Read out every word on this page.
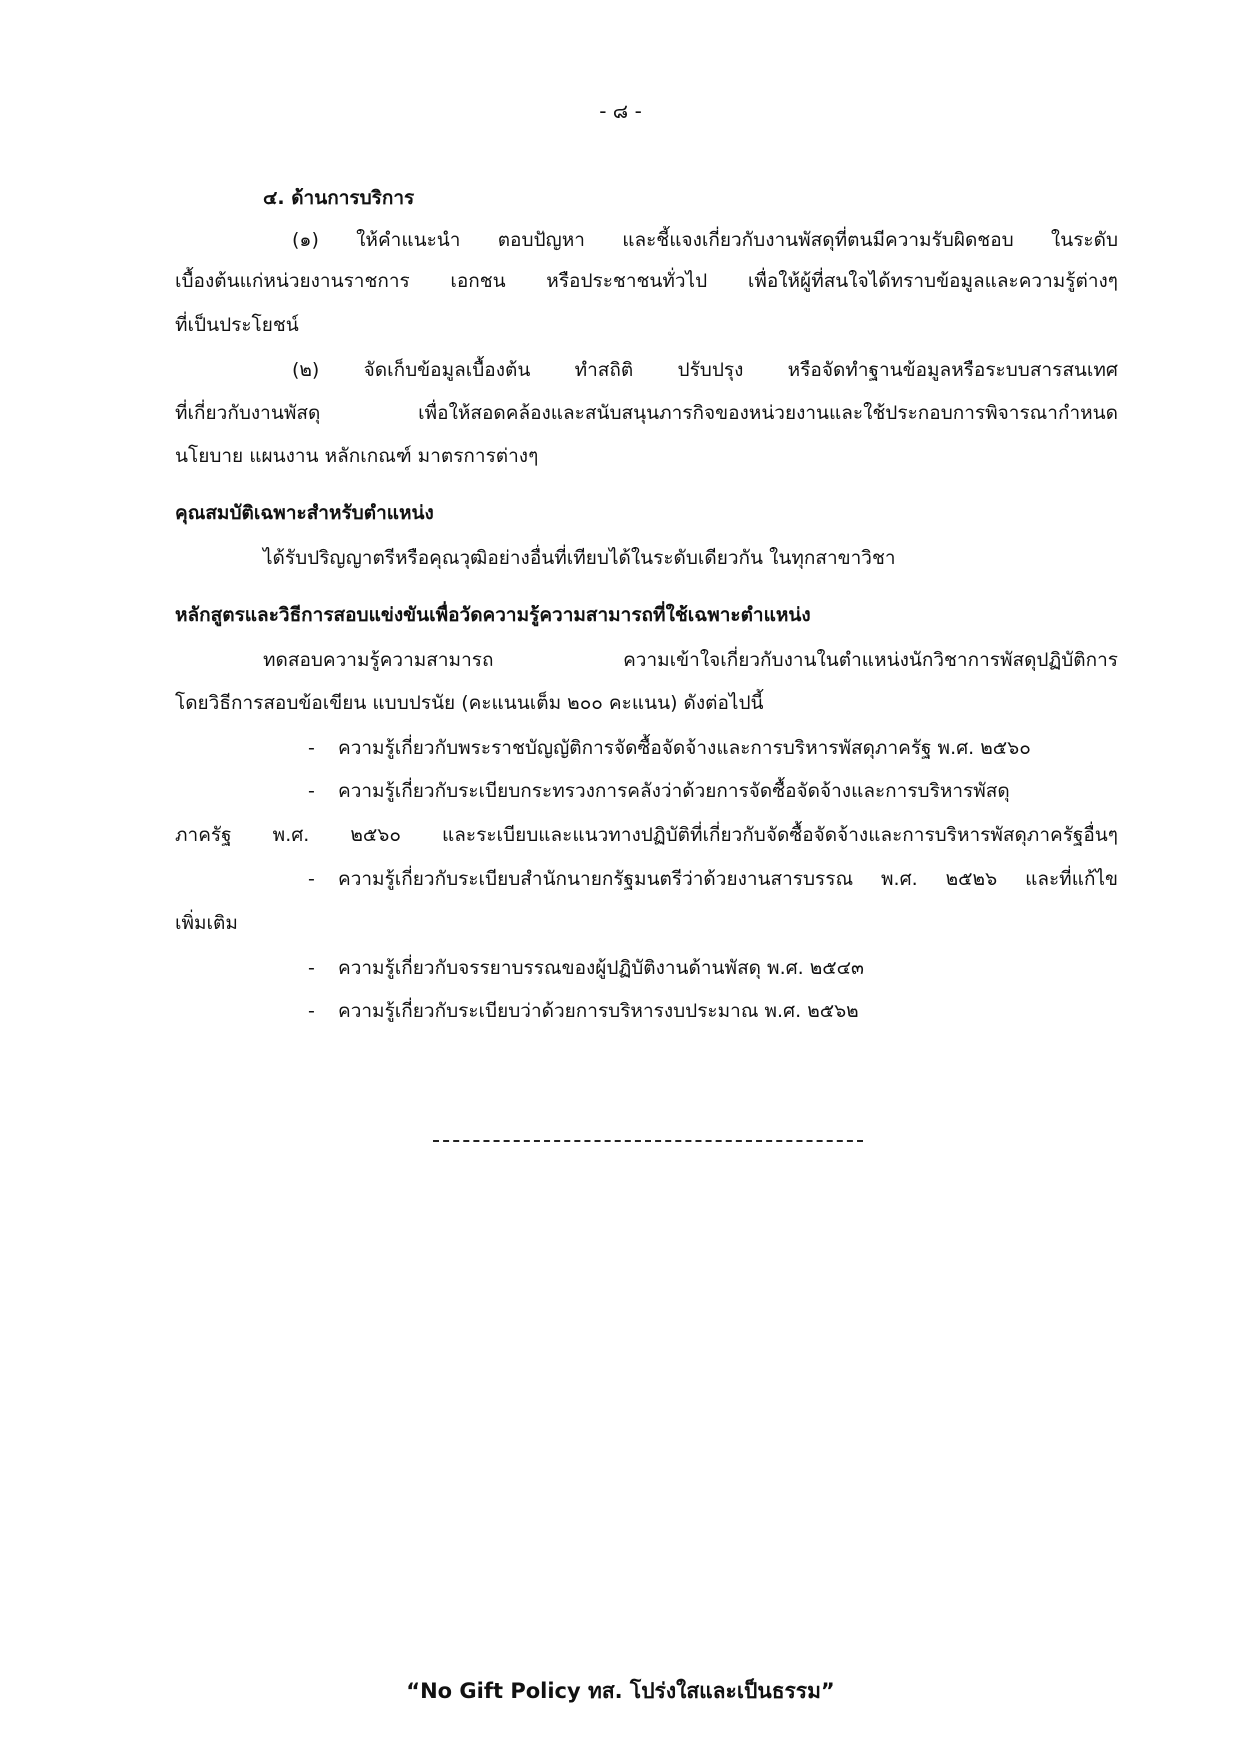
- ๘ -
๔. ด้านการบริการ
(๑) ให้คำแนะนำ ตอบปัญหา และชี้แจงเกี่ยวกับงานพัสดุที่ตนมีความรับผิดชอบ ในระดับ
เบื้องต้นแก่หน่วยงานราชการ เอกชน หรือประชาชนทั่วไป เพื่อให้ผู้ที่สนใจได้ทราบข้อมูลและความรู้ต่างๆ
ที่เป็นประโยชน์
(๒) จัดเก็บข้อมูลเบื้องต้น ทำสถิติ ปรับปรุง หรือจัดทำฐานข้อมูลหรือระบบสารสนเทศ
ที่เกี่ยวกับงานพัสดุ เพื่อให้สอดคล้องและสนับสนุนภารกิจของหน่วยงานและใช้ประกอบการพิจารณากำหนด
นโยบาย แผนงาน หลักเกณฑ์ มาตรการต่างๆ
คุณสมบัติเฉพาะสำหรับตำแหน่ง
ได้รับปริญญาตรีหรือคุณวุฒิอย่างอื่นที่เทียบได้ในระดับเดียวกัน ในทุกสาขาวิชา
หลักสูตรและวิธีการสอบแข่งขันเพื่อวัดความรู้ความสามารถที่ใช้เฉพาะตำแหน่ง
ทดสอบความรู้ความสามารถ ความเข้าใจเกี่ยวกับงานในตำแหน่งนักวิชาการพัสดุปฏิบัติการ
โดยวิธีการสอบข้อเขียน แบบปรนัย (คะแนนเต็ม ๒๐๐ คะแนน) ดังต่อไปนี้
- ความรู้เกี่ยวกับพระราชบัญญัติการจัดซื้อจัดจ้างและการบริหารพัสดุภาครัฐ พ.ศ. ๒๕๖๐
- ความรู้เกี่ยวกับระเบียบกระทรวงการคลังว่าด้วยการจัดซื้อจัดจ้างและการบริหารพัสดุ
ภาครัฐ พ.ศ. ๒๕๖๐ และระเบียบและแนวทางปฏิบัติที่เกี่ยวกับจัดซื้อจัดจ้างและการบริหารพัสดุภาครัฐอื่นๆ
- ความรู้เกี่ยวกับระเบียบสำนักนายกรัฐมนตรีว่าด้วยงานสารบรรณ พ.ศ. ๒๕๒๖ และที่แก้ไข
เพิ่มเติม
- ความรู้เกี่ยวกับจรรยาบรรณของผู้ปฏิบัติงานด้านพัสดุ พ.ศ. ๒๕๔๓
- ความรู้เกี่ยวกับระเบียบว่าด้วยการบริหารงบประมาณ พ.ศ. ๒๕๖๒
“No Gift Policy ทส. โปร่งใสและเป็นธรรม”
